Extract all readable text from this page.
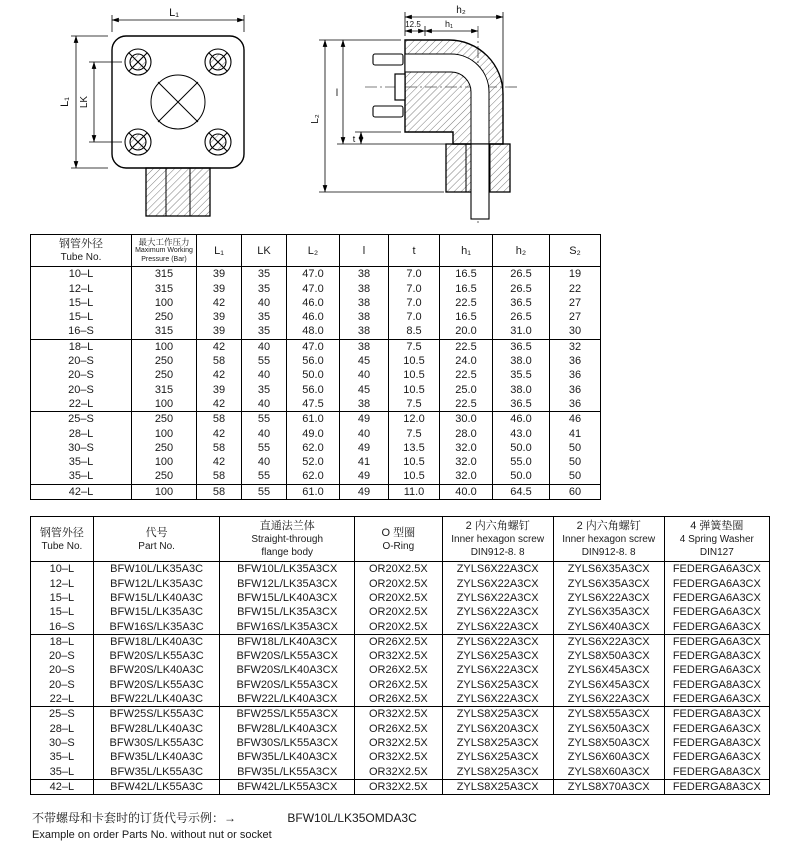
L₁
L₁ LK
h₂
12.5	h₁
l
L₂
t
钢管外径
Tube No.

最大工作压力
Maximum Working
Pressure (Bar)

L₁	LK	L₂	l	t	h₁	h₂	S₂

10–L	315	39	35	47.0	38	7.0	16.5	26.5	19
12–L	315	39	35	47.0	38	7.0	16.5	26.5	22
15–L	100	42	40	46.0	38	7.0	22.5	36.5	27
15–L	250	39	35	46.0	38	7.0	16.5	26.5	27
16–S	315	39	35	48.0	38	8.5	20.0	31.0	30
18–L	100	42	40	47.0	38	7.5	22.5	36.5	32
20–S	250	58	55	56.0	45	10.5	24.0	38.0	36
20–S	250	42	40	50.0	40	10.5	22.5	35.5	36
20–S	315	39	35	56.0	45	10.5	25.0	38.0	36
22–L	100	42	40	47.5	38	7.5	22.5	36.5	36
25–S	250	58	55	61.0	49	12.0	30.0	46.0	46
28–L	100	42	40	49.0	40	7.5	28.0	43.0	41
30–S	250	58	55	62.0	49	13.5	32.0	50.0	50
35–L	100	42	40	52.0	41	10.5	32.0	55.0	50
35–L	250	58	55	62.0	49	10.5	32.0	50.0	50
42–L	100	58	55	61.0	49	11.0	40.0	64.5	60
钢管外径
Tube No.

代号
Part No.

直通法兰体
Straight-through
flange body

O 型圈
O-Ring

2 内六角螺钉
Inner hexagon screw
DIN912-8. 8

2 内六角螺钉
Inner hexagon screw
DIN912-8. 8

4 弹簧垫圈
4 Spring Washer
DIN127

10–L	BFW10L/LK35A3C	BFW10L/LK35A3CX	OR20X2.5X	ZYLS6X22A3CX	ZYLS6X35A3CX	FEDERGA6A3CX
12–L	BFW12L/LK35A3C	BFW12L/LK35A3CX	OR20X2.5X	ZYLS6X22A3CX	ZYLS6X35A3CX	FEDERGA6A3CX
15–L	BFW15L/LK40A3C	BFW15L/LK40A3CX	OR20X2.5X	ZYLS6X22A3CX	ZYLS6X22A3CX	FEDERGA6A3CX
15–L	BFW15L/LK35A3C	BFW15L/LK35A3CX	OR20X2.5X	ZYLS6X22A3CX	ZYLS6X35A3CX	FEDERGA6A3CX
16–S	BFW16S/LK35A3C	BFW16S/LK35A3CX	OR20X2.5X	ZYLS6X22A3CX	ZYLS6X40A3CX	FEDERGA6A3CX
18–L	BFW18L/LK40A3C	BFW18L/LK40A3CX	OR26X2.5X	ZYLS6X22A3CX	ZYLS6X22A3CX	FEDERGA6A3CX
20–S	BFW20S/LK55A3C	BFW20S/LK55A3CX	OR32X2.5X	ZYLS6X25A3CX	ZYLS8X50A3CX	FEDERGA8A3CX
20–S	BFW20S/LK40A3C	BFW20S/LK40A3CX	OR26X2.5X	ZYLS6X22A3CX	ZYLS6X45A3CX	FEDERGA6A3CX
20–S	BFW20S/LK55A3C	BFW20S/LK55A3CX	OR26X2.5X	ZYLS6X25A3CX	ZYLS6X45A3CX	FEDERGA8A3CX
22–L	BFW22L/LK40A3C	BFW22L/LK40A3CX	OR26X2.5X	ZYLS6X22A3CX	ZYLS6X22A3CX	FEDERGA6A3CX
25–S	BFW25S/LK55A3C	BFW25S/LK55A3CX	OR32X2.5X	ZYLS8X25A3CX	ZYLS8X55A3CX	FEDERGA8A3CX
28–L	BFW28L/LK40A3C	BFW28L/LK40A3CX	OR26X2.5X	ZYLS6X20A3CX	ZYLS6X50A3CX	FEDERGA6A3CX
30–S	BFW30S/LK55A3C	BFW30S/LK55A3CX	OR32X2.5X	ZYLS8X25A3CX	ZYLS8X50A3CX	FEDERGA8A3CX
35–L	BFW35L/LK40A3C	BFW35L/LK40A3CX	OR32X2.5X	ZYLS6X25A3CX	ZYLS6X60A3CX	FEDERGA6A3CX
35–L	BFW35L/LK55A3C	BFW35L/LK55A3CX	OR32X2.5X	ZYLS8X25A3CX	ZYLS8X60A3CX	FEDERGA8A3CX
42–L	BFW42L/LK55A3C	BFW42L/LK55A3CX	OR32X2.5X	ZYLS8X25A3CX	ZYLS8X70A3CX	FEDERGA8A3CX
不带螺母和卡套时的订货代号示例：→	BFW10L/LK35OMDA3C
Example on order Parts No. without nut or socket
